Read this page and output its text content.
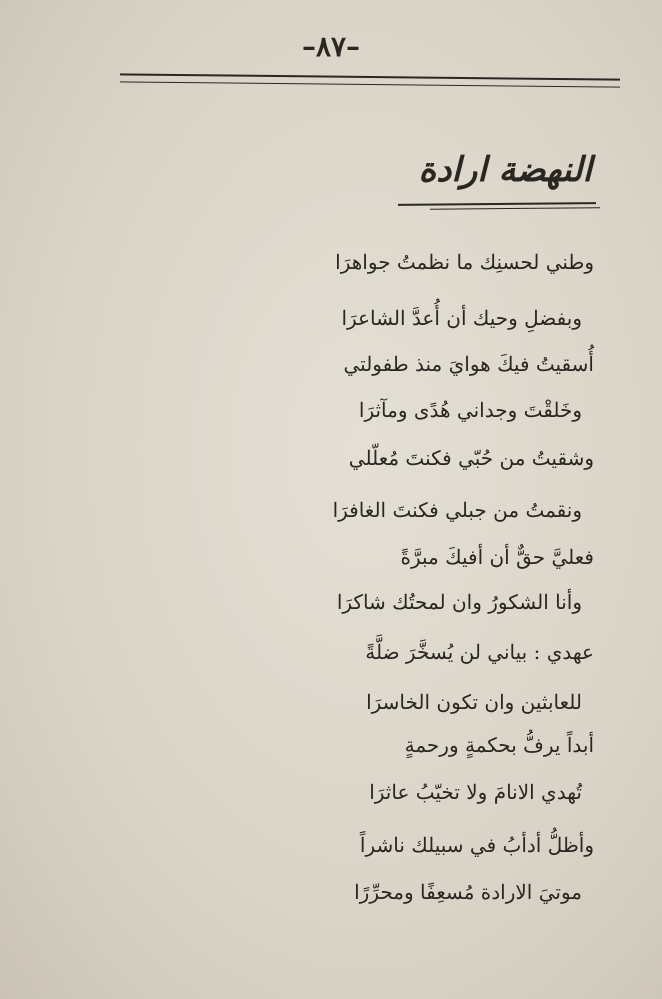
–٨٧–
النهضة ارادة
وطني لحسنِك ما نظمتُ جواهرَا
وبفضلِ وحيك أن أُعدَّ الشاعرَا
أُسقيتُ فيكَ هوايَ منذ طفولتي
وخَلقْتَ وجداني هُدًى ومآثرَا
وشقيتُ من حُبّي فكنتَ مُعلّلي
ونقمتُ من جبلي فكنتَ الغافرَا
فعليَّ حقٌّ أن أفيكَ مبرَّةً
وأنا الشكورُ وان لمحتُك شاكرَا
عهدي : بياني لن يُسخَّرَ ضلَّةً
للعابثين وان تكون الخاسرَا
أبداً يرفُّ بحكمةٍ ورحمةٍ
تُهدي الانامَ ولا تخيّبُ عاثرَا
وأظلُّ أدأبُ في سبيلك ناشراً
موتيَ الارادة مُسعِفًا ومحرِّرًا
